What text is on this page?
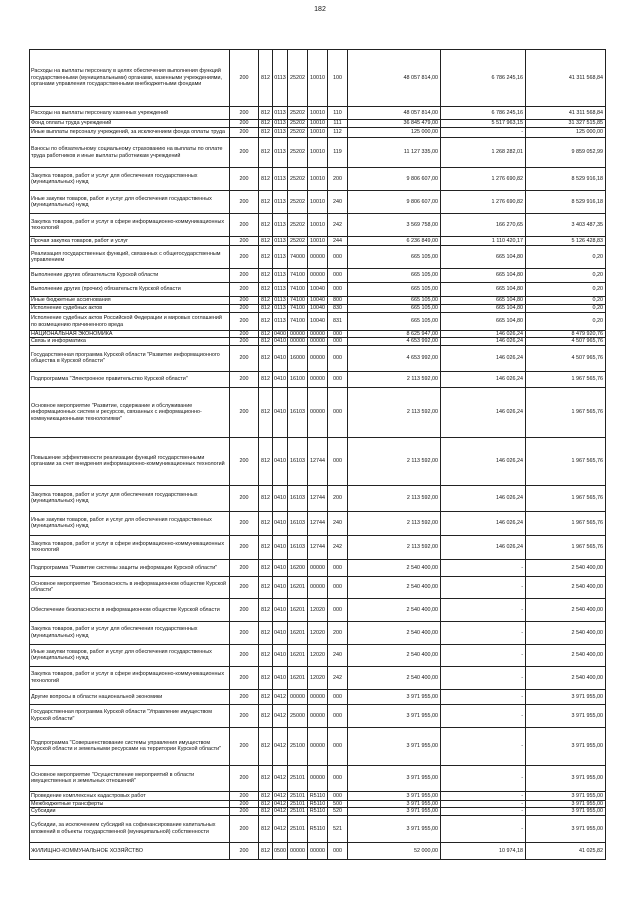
182
Расходы на выплаты персоналу в целях обеспечения выполнения функций государственными (муниципальными) органами, казенными учреждениями, органами управления государственными внебюджетными фондами	200	812	0113	25202	10010	100	48 057 814,00	6 786 245,16	41 311 568,84
Расходы на выплаты персоналу казенных учреждений	200	812	0113	25202	10010	110	48 057 814,00	6 786 245,16	41 311 568,84
Фонд оплаты труда учреждений	200	812	0113	25202	10010	111	36 845 479,00	5 517 963,15	31 327 515,85
Иные выплаты персоналу учреждений, за исключением фонда оплаты труда	200	812	0113	25202	10010	112	125 000,00	-	125 000,00
Взносы по обязательному социальному страхованию на выплаты по оплате труда работников и иные выплаты работникам учреждений	200	812	0113	25202	10010	119	11 127 335,00	1 268 282,01	9 859 052,99
Закупка товаров, работ и услуг для обеспечения государственных (муниципальных) нужд	200	812	0113	25202	10010	200	9 806 607,00	1 276 690,82	8 529 916,18
Иные закупки товаров, работ и услуг для обеспечения государственных (муниципальных) нужд	200	812	0113	25202	10010	240	9 806 607,00	1 276 690,82	8 529 916,18
Закупка товаров, работ и услуг в сфере информационно-коммуникационных технологий	200	812	0113	25202	10010	242	3 569 758,00	166 270,65	3 403 487,35
Прочая закупка товаров, работ и услуг	200	812	0113	25202	10010	244	6 236 849,00	1 110 420,17	5 126 428,83
Реализация государственных функций, связанных с общегосударственным управлением	200	812	0113	74000	00000	000	665 105,00	665 104,80	0,20
Выполнение других обязательств Курской области	200	812	0113	74100	00000	000	665 105,00	665 104,80	0,20
Выполнение других (прочих) обязательств Курской области	200	812	0113	74100	10040	000	665 105,00	665 104,80	0,20
Иные бюджетные ассигнования	200	812	0113	74100	10040	800	665 105,00	665 104,80	0,20
Исполнение судебных актов	200	812	0113	74100	10040	830	665 105,00	665 104,80	0,20
Исполнение судебных актов Российской Федерации и мировых соглашений по возмещению причиненного вреда	200	812	0113	74100	10040	831	665 105,00	665 104,80	0,20
НАЦИОНАЛЬНАЯ ЭКОНОМИКА	200	812	0400	00000	00000	000	8 625 947,00	146 026,24	8 479 920,76
Связь и информатика	200	812	0410	00000	00000	000	4 653 992,00	146 026,24	4 507 965,76
Государственная программа Курской области "Развитие информационного общества в Курской области"	200	812	0410	16000	00000	000	4 653 992,00	146 026,24	4 507 965,76
Подпрограмма "Электронное правительство Курской области"	200	812	0410	16100	00000	000	2 113 592,00	146 026,24	1 967 565,76
Основное мероприятие "Развитие, содержание и обслуживание информационных систем и ресурсов, связанных с информационно-коммуникационными технологиями"	200	812	0410	16103	00000	000	2 113 592,00	146 026,24	1 967 565,76
Повышение эффективности реализации функций государственными органами за счет внедрения информационно-коммуникационных технологий	200	812	0410	16103	12744	000	2 113 592,00	146 026,24	1 967 565,76
Закупка товаров, работ и услуг для обеспечения государственных (муниципальных) нужд	200	812	0410	16103	12744	200	2 113 592,00	146 026,24	1 967 565,76
Иные закупки товаров, работ и услуг для обеспечения государственных (муниципальных) нужд	200	812	0410	16103	12744	240	2 113 592,00	146 026,24	1 967 565,76
Закупка товаров, работ и услуг в сфере информационно-коммуникационных технологий	200	812	0410	16103	12744	242	2 113 592,00	146 026,24	1 967 565,76
Подпрограмма "Развитие системы защиты информации Курской области"	200	812	0410	16200	00000	000	2 540 400,00	-	2 540 400,00
Основное мероприятие "Безопасность в информационном обществе Курской области"	200	812	0410	16201	00000	000	2 540 400,00	-	2 540 400,00
Обеспечение безопасности в информационном обществе Курской области	200	812	0410	16201	12020	000	2 540 400,00	-	2 540 400,00
Закупка товаров, работ и услуг для обеспечения государственных (муниципальных) нужд	200	812	0410	16201	12020	200	2 540 400,00	-	2 540 400,00
Иные закупки товаров, работ и услуг для обеспечения государственных (муниципальных) нужд	200	812	0410	16201	12020	240	2 540 400,00	-	2 540 400,00
Закупка товаров, работ и услуг в сфере информационно-коммуникационных технологий	200	812	0410	16201	12020	242	2 540 400,00	-	2 540 400,00
Другие вопросы в области национальной экономики	200	812	0412	00000	00000	000	3 971 955,00	-	3 971 955,00
Государственная программа Курской области "Управление имуществом Курской области"	200	812	0412	25000	00000	000	3 971 955,00	-	3 971 955,00
Подпрограмма "Совершенствование системы управления имуществом Курской области и земельными ресурсами на территории Курской области"	200	812	0412	25100	00000	000	3 971 955,00	-	3 971 955,00
Основное мероприятие "Осуществление мероприятий в области имущественных и земельных отношений"	200	812	0412	25101	00000	000	3 971 955,00	-	3 971 955,00
Проведение комплексных кадастровых работ	200	812	0412	25101	R5110	000	3 971 955,00	-	3 971 955,00
Межбюджетные трансферты	200	812	0412	25101	R5110	500	3 971 955,00	-	3 971 955,00
Субсидии	200	812	0412	25101	R5110	520	3 971 955,00	-	3 971 955,00
Субсидии, за исключением субсидий на софинансирование капитальных вложений в объекты государственной (муниципальной) собственности	200	812	0412	25101	R5110	521	3 971 955,00	-	3 971 955,00
ЖИЛИЩНО-КОММУНАЛЬНОЕ ХОЗЯЙСТВО	200	812	0500	00000	00000	000	52 000,00	10 974,18	41 025,82
